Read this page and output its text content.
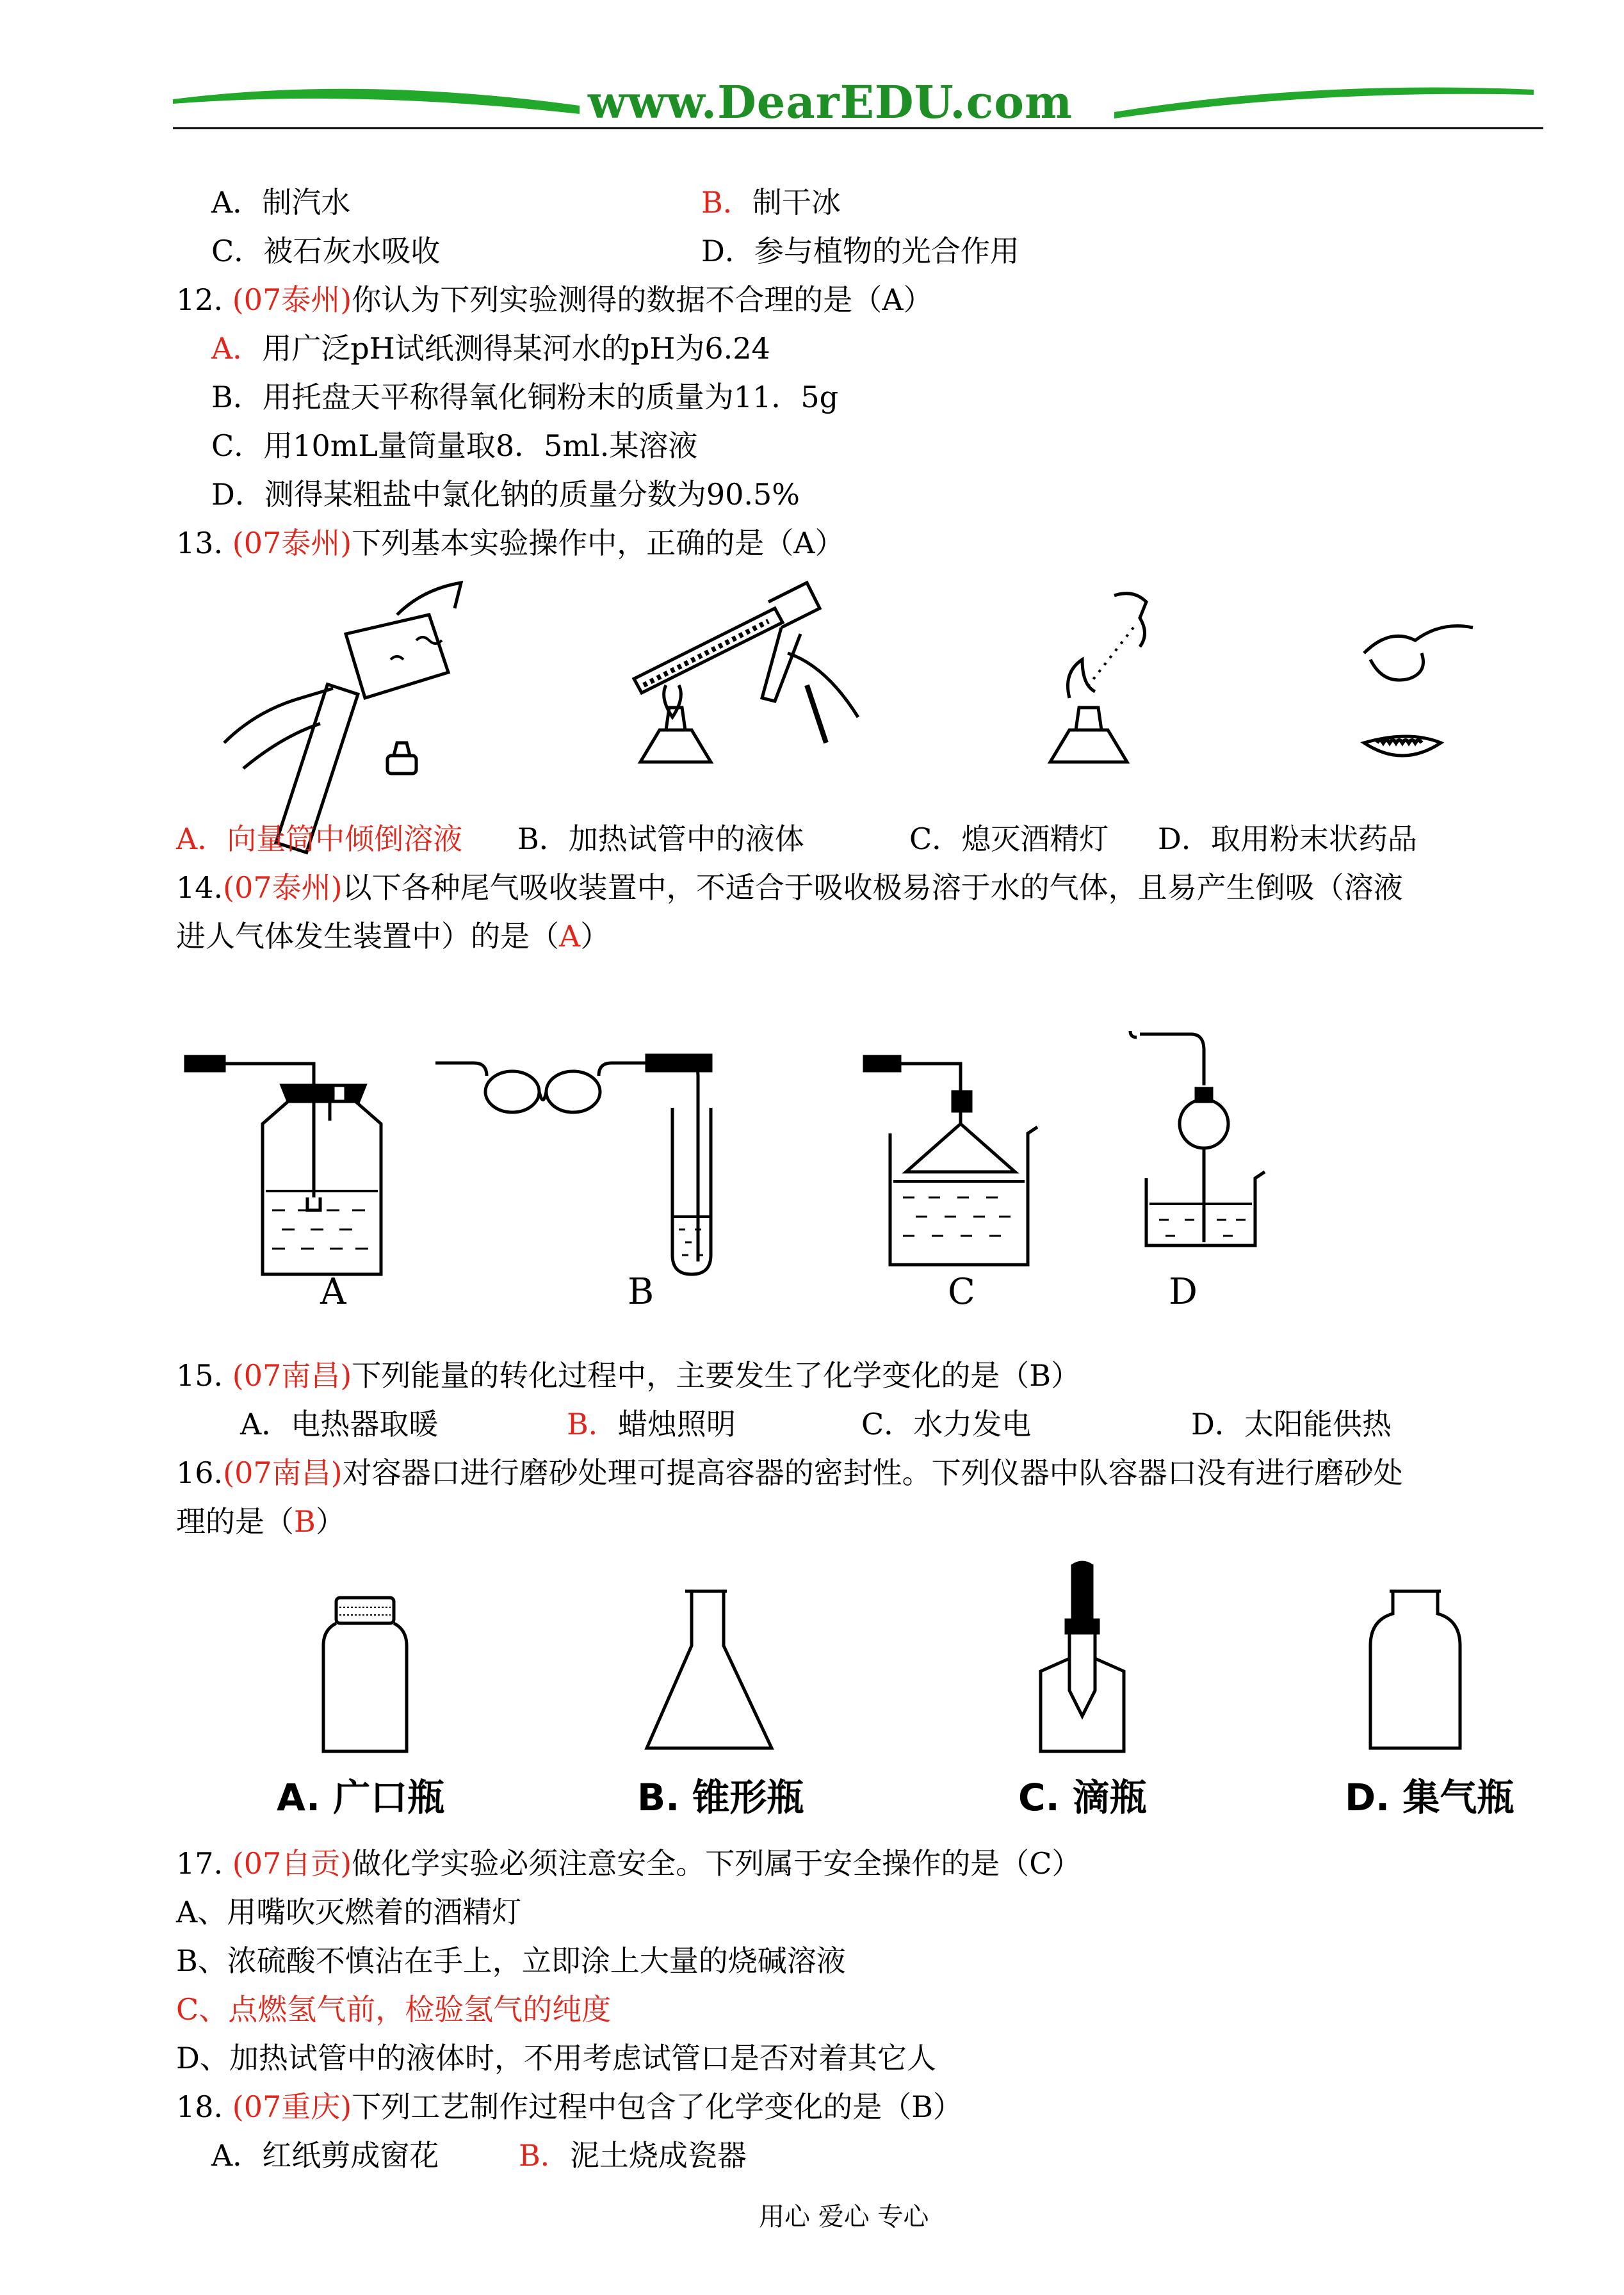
www.DearEDU.com
A．制汽水	B．制干冰
C．被石灰水吸收	D．参与植物的光合作用
12. (07泰州)你认为下列实验测得的数据不合理的是（A）
A．用广泛pH试纸测得某河水的pH为6.24
B．用托盘天平称得氧化铜粉末的质量为11．5g
C．用10mL量筒量取8．5ml.某溶液
D．测得某粗盐中氯化钠的质量分数为90.5%
13. (07泰州)下列基本实验操作中，正确的是（A）
A．向量筒中倾倒溶液 B．加热试管中的液体	C．熄灭酒精灯 D．取用粉末状药品
14.(07泰州)以下各种尾气吸收装置中，不适合于吸收极易溶于水的气体，且易产生倒吸（溶液
进人气体发生装置中）的是（A）
A	B	C	D
15. (07南昌)下列能量的转化过程中，主要发生了化学变化的是（B）
A．电热器取暖	B．蜡烛照明	C．水力发电	D．太阳能供热
16.(07南昌)对容器口进行磨砂处理可提高容器的密封性。下列仪器中队容器口没有进行磨砂处
理的是（B）
A. 广口瓶	B. 锥形瓶	C. 滴瓶	D. 集气瓶
17. (07自贡)做化学实验必须注意安全。下列属于安全操作的是（C）
A、用嘴吹灭燃着的酒精灯
B、浓硫酸不慎沾在手上，立即涂上大量的烧碱溶液
C、点燃氢气前，检验氢气的纯度
D、加热试管中的液体时，不用考虑试管口是否对着其它人
18. (07重庆)下列工艺制作过程中包含了化学变化的是（B）
A．红纸剪成窗花	B．泥土烧成瓷器
用心 爱心 专心
